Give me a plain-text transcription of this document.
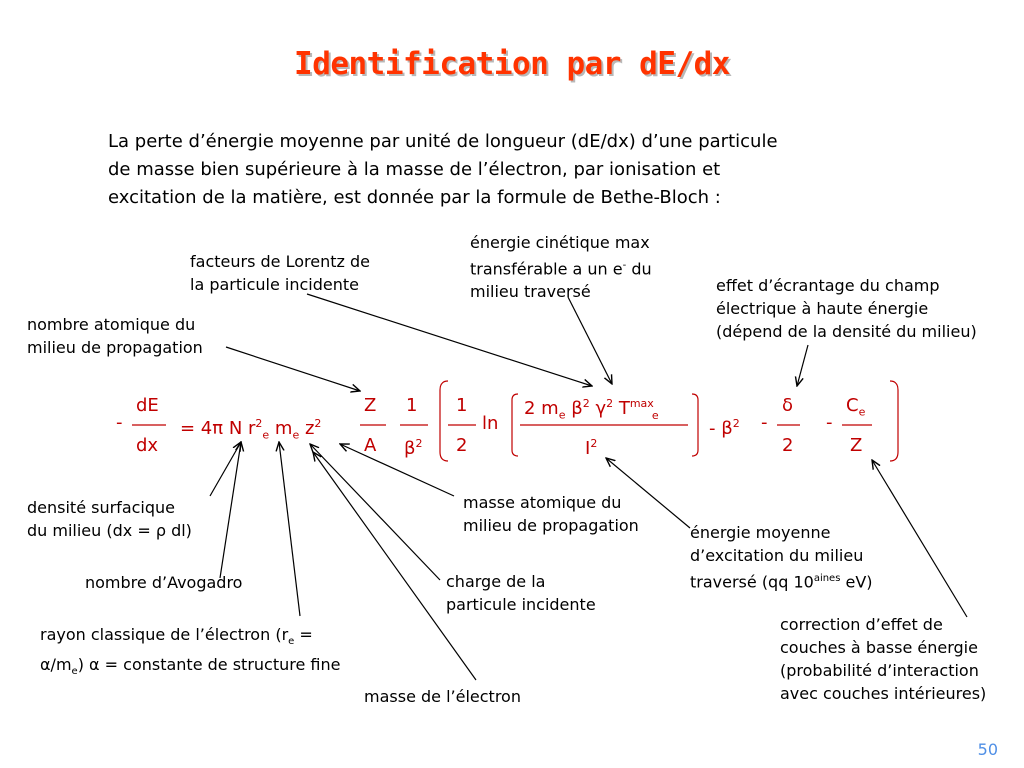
Identification par dE/dx

La perte d’énergie moyenne par unité de longueur (dE/dx) d’une particule

de masse bien supérieure à la masse de l’électron, par ionisation et

excitation de la matière, est donnée par la formule de Bethe-Bloch :

facteurs de Lorentz de
la particule incidente
énergie cinétique max
transférable a un e- du
milieu traversé	effet d’écrantage du champ
électrique à haute énergie
(dépend de la densité du milieu)
nombre atomique du
milieu de propagation
densité surfacique
du milieu (dx = ρ dl)
masse atomique du
milieu de propagation	énergie moyenne
d’excitation du milieu
traversé (qq $10^{aines}$ eV)
nombre d’Avogadro	charge de la
particule incidente
correction d’effet de
couches à basse énergie
(probabilité d’interaction
avec couches intérieures)
rayon classique de l’électron ($r_e$ =
$\alpha/m_e$) α = constante de structure fine
masse de l’électron
-
dE
dx
= 4π N $r^2_e$ $m_e$ $z^2$
Z
A
1
$\beta^2$
1
2
ln
2 $m_e$ $\beta^2$ $\gamma^2$ $T^{max}_e$
$I^2$
- $\beta^2$ -
δ
2
-
$C_e$
Z
50
